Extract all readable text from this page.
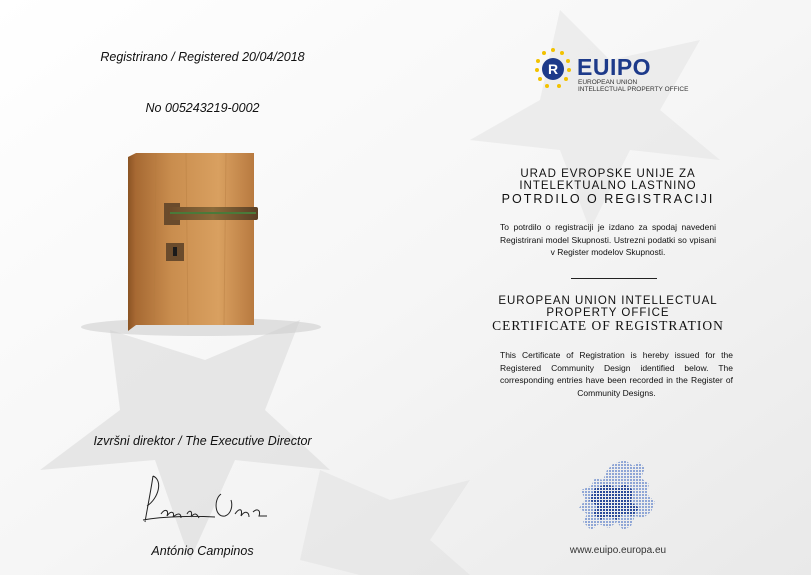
Registrirano / Registered 20/04/2018
No 005243219-0002
Izvršni direktor / The Executive Director
António Campinos
R EUIPO
EUROPEAN UNION
INTELLECTUAL PROPERTY OFFICE
URAD EVROPSKE UNIJE ZA
INTELEKTUALNO LASTNINO
POTRDILO O REGISTRACIJI
To potrdilo o registraciji je izdano za spodaj navedeni Registrirani model Skupnosti. Ustrezni podatki so vpisani v Register modelov Skupnosti.
EUROPEAN UNION INTELLECTUAL
PROPERTY OFFICE
CERTIFICATE OF REGISTRATION
This Certificate of Registration is hereby issued for the Registered Community Design identified below. The corresponding entries have been recorded in the Register of Community Designs.
www.euipo.europa.eu
